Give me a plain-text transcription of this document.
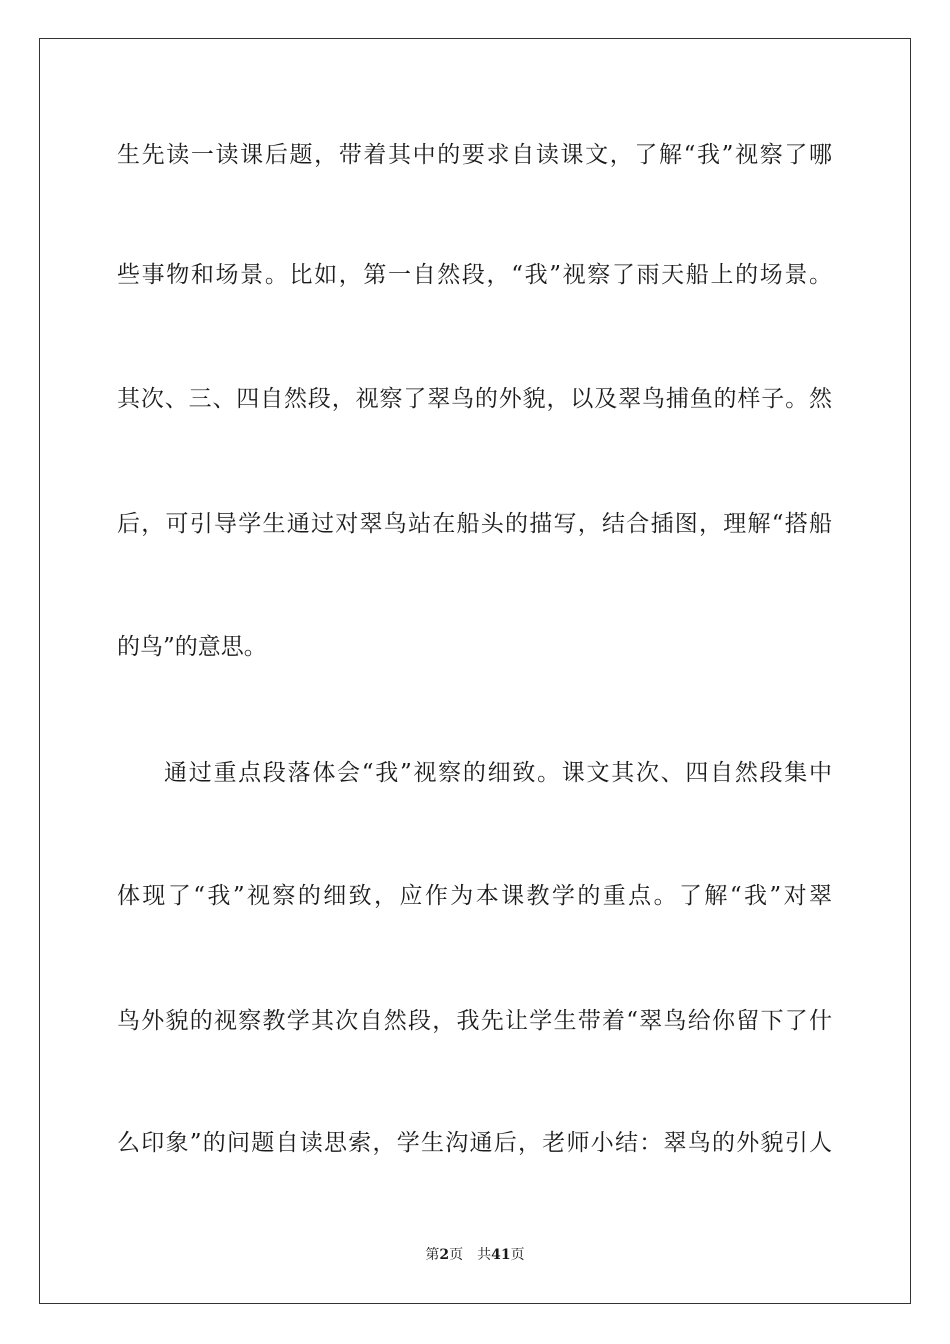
生先读一读课后题，带着其中的要求自读课文，了解“我”视察了哪
些事物和场景。比如，第一自然段，“我”视察了雨天船上的场景。
其次、三、四自然段，视察了翠鸟的外貌，以及翠鸟捕鱼的样子。然
后，可引导学生通过对翠鸟站在船头的描写，结合插图，理解“搭船
的鸟”的意思。
通过重点段落体会“我”视察的细致。课文其次、四自然段集中
体现了“我”视察的细致，应作为本课教学的重点。了解“我”对翠
鸟外貌的视察教学其次自然段，我先让学生带着“翠鸟给你留下了什
么印象”的问题自读思索，学生沟通后，老师小结：翠鸟的外貌引人
第2页 共41页
